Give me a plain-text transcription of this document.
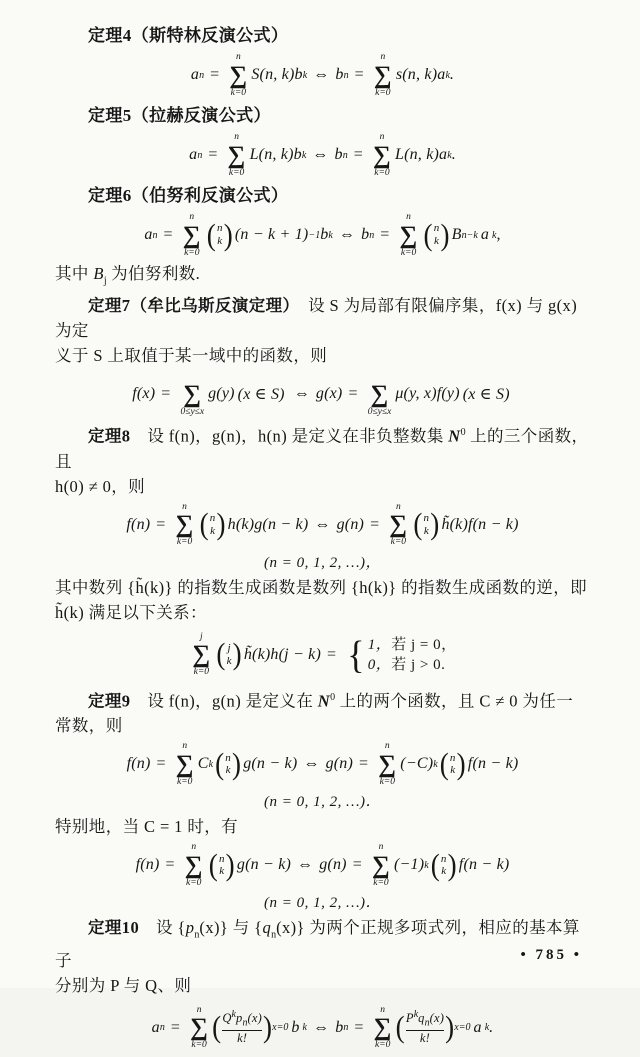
定理4（斯特林反演公式）

a n =
n
∑
k=0
S(n, k)b k ⇔ b n =
n
∑
k=0
s(n, k)a k .

定理5（拉赫反演公式）

a n =
n
∑
k=0
L(n, k)b k ⇔ b n =
n
∑
k=0
L(n, k)a k .

定理6（伯努利反演公式）

a n =
n
∑
k=0
( n
k ) (n − k + 1) −1 b k ⇔ b n =
n
∑
k=0
( n
k ) B n−k a k ,

其中 $B_j$ 为伯努利数.

定理7（牟比乌斯反演定理）　设 S 为局部有限偏序集，f(x) 与 g(x) 为定

义于 S 上取值于某一域中的函数，则

f(x) = ∑
0≤y≤x
g(y) (x ∈ S) ⇔ g(x) = ∑
0≤y≤x
μ(y, x)f(y) (x ∈ S)

定理8　设 f(n)，g(n)，h(n) 是定义在非负整数集 $N^0$ 上的三个函数，且

h(0) ≠ 0，则

f(n) =
n
∑
k=0
( n
k ) h(k)g(n − k) ⇔ g(n) =
n
∑
k=0
( n
k ) h̃(k)f(n − k)

(n = 0, 1, 2, …)，

其中数列 {h̃(k)} 的指数生成函数是数列 {h(k)} 的指数生成函数的逆，即

h̃(k) 满足以下关系：

j
∑
k=0
( j
k ) h̃(k)h(j − k) = { 1，若 j = 0，
0，若 j > 0.

定理9　设 f(n)，g(n) 是定义在 $N^0$ 上的两个函数，且 C ≠ 0 为任一

常数，则

f(n) =
n
∑
k=0
C k ( n
k ) g(n − k) ⇔ g(n) =
n
∑
k=0
(−C) k ( n
k ) f(n − k)

(n = 0, 1, 2, …)．

特别地，当 C = 1 时，有

f(n) =
n
∑
k=0
( n
k ) g(n − k) ⇔ g(n) =
n
∑
k=0
(−1) k ( n
k ) f(n − k)

(n = 0, 1, 2, …)．

定理10　设 $\{p_n(x)\}$ 与 $\{q_n(x)\}$ 为两个正规多项式列，相应的基本算子

分别为 P 与 Q、则

a n =
n
∑
k=0
( $\frac{Q^kp_n(x)}{k!}$ ) x=0 b k ⇔ b n =
n
∑
k=0
( $\frac{P^kq_n(x)}{k!}$ ) x=0 a k .
• 785 •
